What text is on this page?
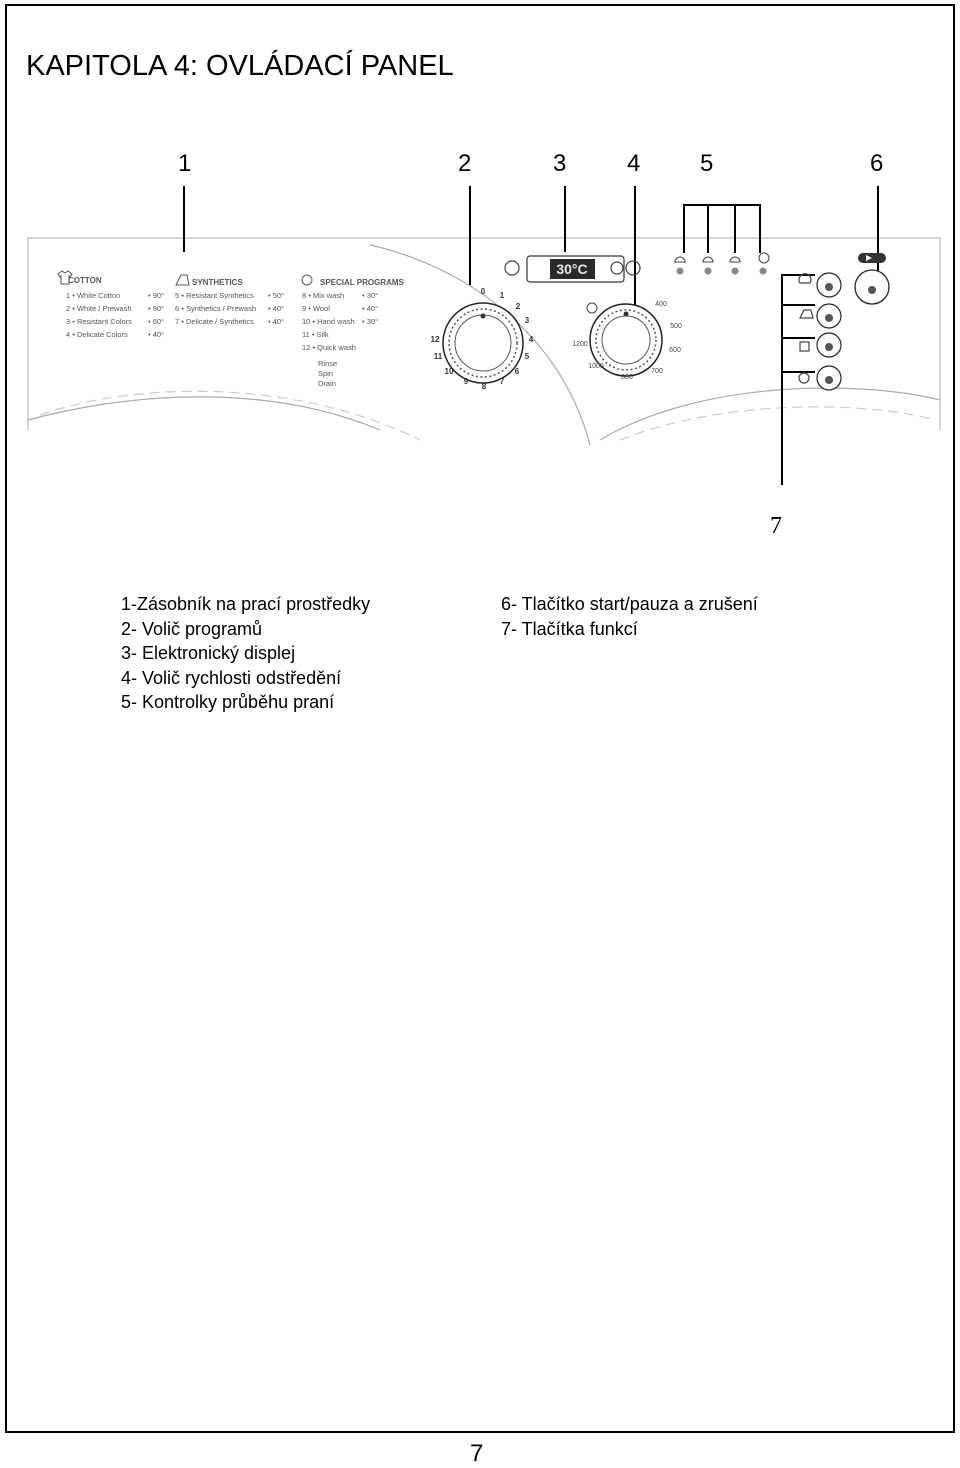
KAPITOLA 4: OVLÁDACÍ PANEL
1	2	3	4 5	6
7
COTTON
1 • White Cotton	• 90°
2 • White / Prewash • 90°
3 • Resistant Colors • 60°
4 • Delicate Colors	• 40°
SYNTHETICS
5 • Resistant Synthetics • 50°
6 • Synthetics / Prewash • 40°
7 • Delicate / Synthetics • 40°
SPECIAL PROGRAMS
8 • Mix wash • 30°
9 • Wool	• 40°
10 • Hand wash • 30°
11 • Silk
12 • Quick wash
Rinse
Spin
Drain
0 1
2
3
4
5
6
7
8
9
10
11
12
30°C
400
500
600
700
800
1000
1200
1-Zásobník na prací prostředky
2- Volič programů
3- Elektronický displej
4- Volič rychlosti odstředění
5- Kontrolky průběhu praní
6- Tlačítko start/pauza a zrušení
7- Tlačítka funkcí
7
